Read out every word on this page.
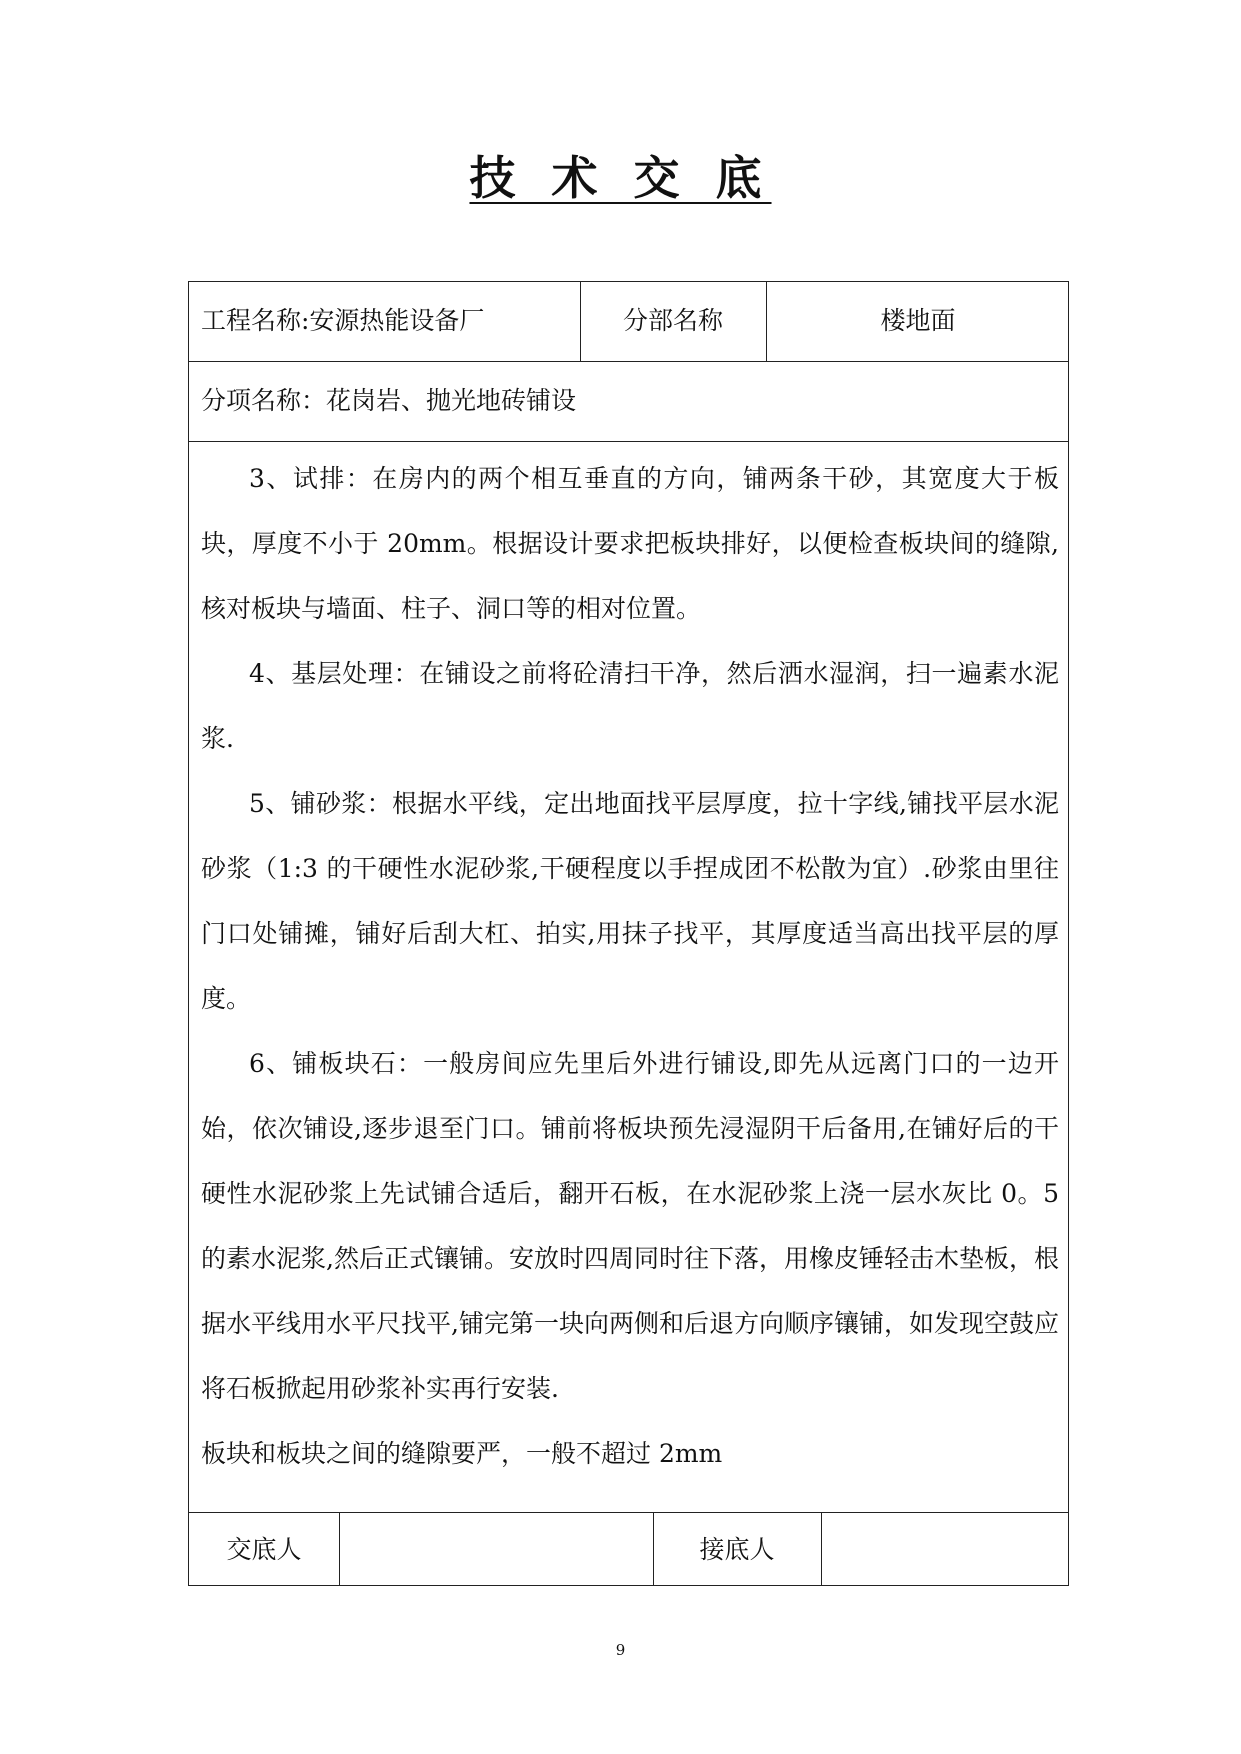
技 术 交 底
工程名称:安源热能设备厂	分部名称	楼地面
分项名称：花岗岩、抛光地砖铺设

3、试排：在房内的两个相互垂直的方向，铺两条干砂，其宽度大于板块，厚度不小于 20mm。根据设计要求把板块排好，以便检查板块间的缝隙,核对板块与墙面、柱子、洞口等的相对位置。

4、基层处理：在铺设之前将砼清扫干净，然后洒水湿润，扫一遍素水泥浆.

5、铺砂浆：根据水平线，定出地面找平层厚度，拉十字线,铺找平层水泥砂浆（1:3 的干硬性水泥砂浆,干硬程度以手捏成团不松散为宜）.砂浆由里往门口处铺摊，铺好后刮大杠、拍实,用抹子找平，其厚度适当高出找平层的厚度。

6、铺板块石：一般房间应先里后外进行铺设,即先从远离门口的一边开始，依次铺设,逐步退至门口。铺前将板块预先浸湿阴干后备用,在铺好后的干硬性水泥砂浆上先试铺合适后，翻开石板，在水泥砂浆上浇一层水灰比 0。5 的素水泥浆,然后正式镶铺。安放时四周同时往下落，用橡皮锤轻击木垫板，根据水平线用水平尺找平,铺完第一块向两侧和后退方向顺序镶铺，如发现空鼓应将石板掀起用砂浆补实再行安装.

板块和板块之间的缝隙要严，一般不超过 2mm

交底人	接底人
9
